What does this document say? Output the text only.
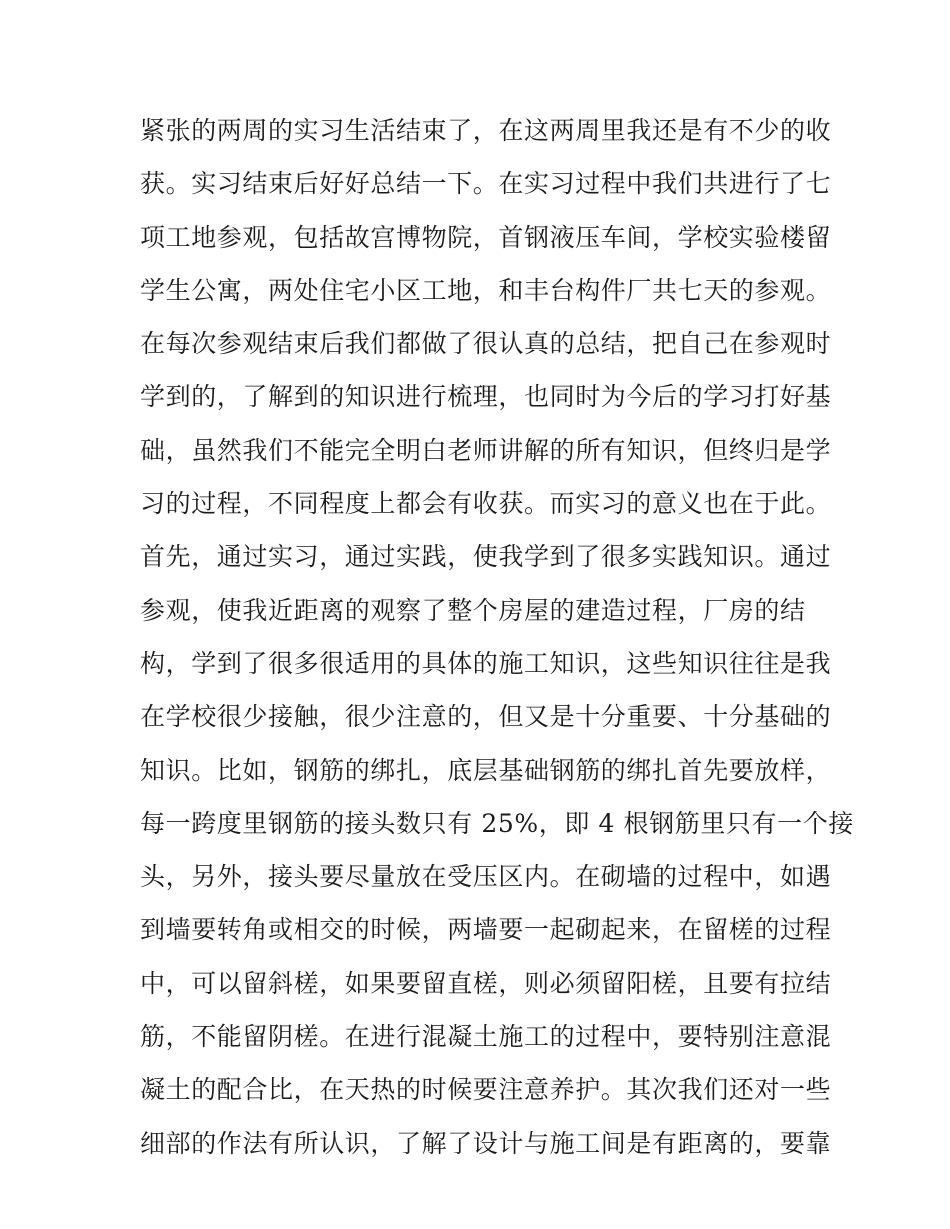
紧张的两周的实习生活结束了，在这两周里我还是有不少的收
获。实习结束后好好总结一下。在实习过程中我们共进行了七
项工地参观，包括故宫博物院，首钢液压车间，学校实验楼留
学生公寓，两处住宅小区工地，和丰台构件厂共七天的参观。
在每次参观结束后我们都做了很认真的总结，把自己在参观时
学到的，了解到的知识进行梳理，也同时为今后的学习打好基
础，虽然我们不能完全明白老师讲解的所有知识，但终归是学
习的过程，不同程度上都会有收获。而实习的意义也在于此。
首先，通过实习，通过实践，使我学到了很多实践知识。通过
参观，使我近距离的观察了整个房屋的建造过程，厂房的结
构，学到了很多很适用的具体的施工知识，这些知识往往是我
在学校很少接触，很少注意的，但又是十分重要、十分基础的
知识。比如，钢筋的绑扎，底层基础钢筋的绑扎首先要放样，
每一跨度里钢筋的接头数只有 25%，即 4 根钢筋里只有一个接
头，另外，接头要尽量放在受压区内。在砌墙的过程中，如遇
到墙要转角或相交的时候，两墙要一起砌起来，在留槎的过程
中，可以留斜槎，如果要留直槎，则必须留阳槎，且要有拉结
筋，不能留阴槎。在进行混凝土施工的过程中，要特别注意混
凝土的配合比，在天热的时候要注意养护。其次我们还对一些
细部的作法有所认识，了解了设计与施工间是有距离的，要靠
